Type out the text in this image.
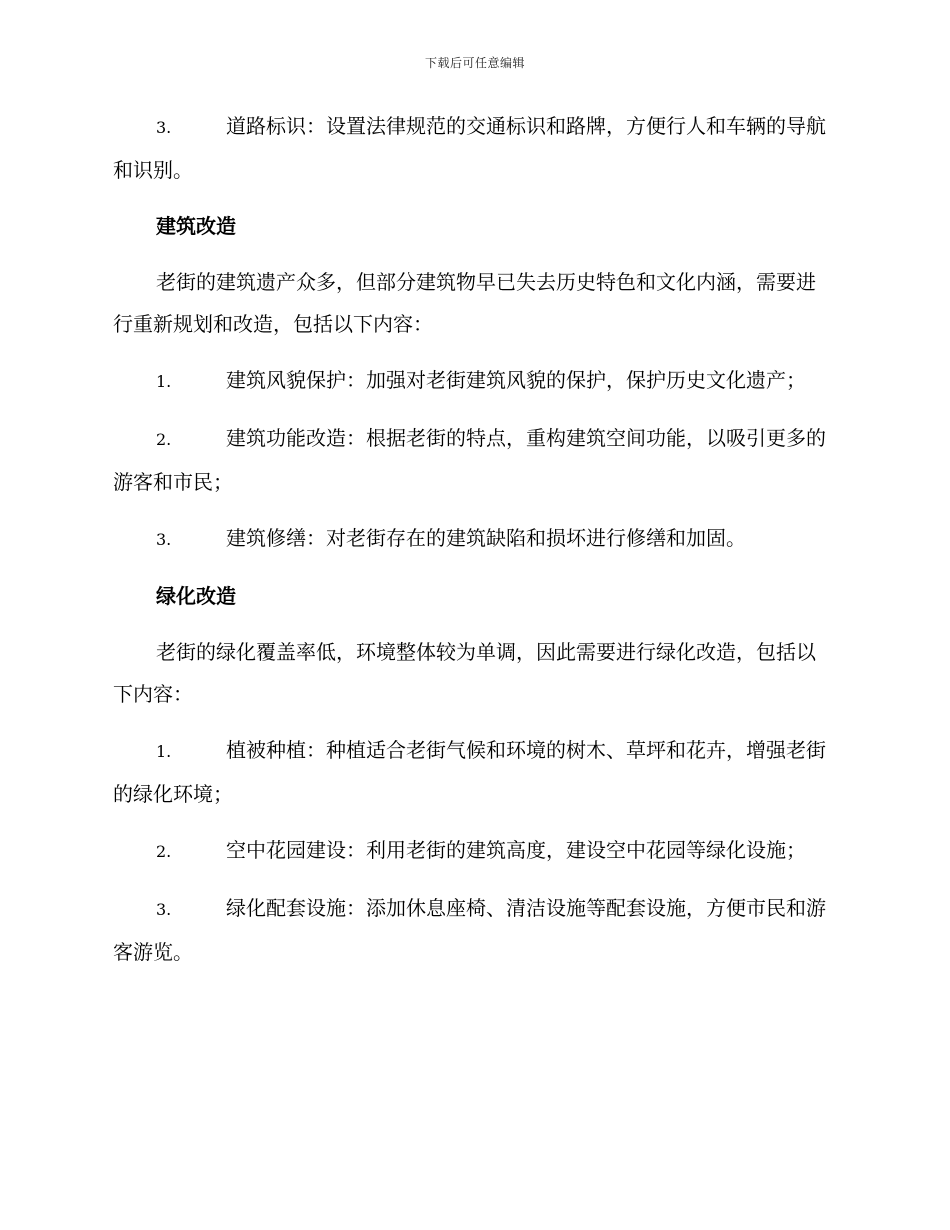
下载后可任意编辑

3.	道路标识：设置法律规范的交通标识和路牌，方便行人和车辆的导航和识别。

建筑改造

老街的建筑遗产众多，但部分建筑物早已失去历史特色和文化内涵，需要进行重新规划和改造，包括以下内容：

1.	建筑风貌保护：加强对老街建筑风貌的保护，保护历史文化遗产；

2.	建筑功能改造：根据老街的特点，重构建筑空间功能，以吸引更多的游客和市民；

3.	建筑修缮：对老街存在的建筑缺陷和损坏进行修缮和加固。

绿化改造

老街的绿化覆盖率低，环境整体较为单调，因此需要进行绿化改造，包括以下内容：

1.	植被种植：种植适合老街气候和环境的树木、草坪和花卉，增强老街的绿化环境；

2.	空中花园建设：利用老街的建筑高度，建设空中花园等绿化设施；

3.	绿化配套设施：添加休息座椅、清洁设施等配套设施，方便市民和游客游览。
